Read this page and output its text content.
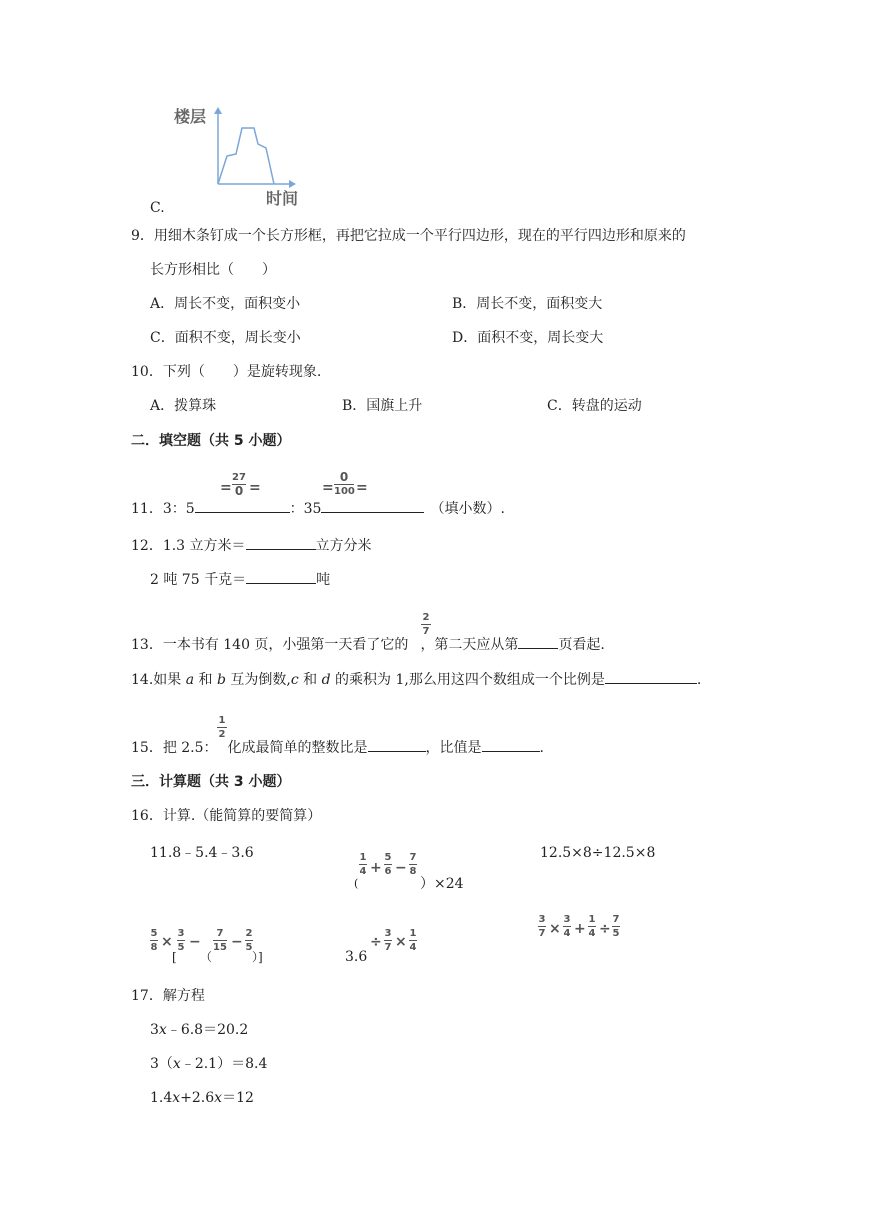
楼层
时间
C.
9．用细木条钉成一个长方形框，再把它拉成一个平行四边形，现在的平行四边形和原来的
长方形相比（　　）
A．周长不变，面积变小	B．周长不变，面积变大
C．面积不变，周长变小	D．面积不变，周长变大
10．下列（　　）是旋转现象.
A．拨算珠	B．国旗上升	C．转盘的运动
二．填空题（共 5 小题）
=
27
0 =	=
0
100 =
11．3：5	：35	（填小数）.
12．1.3 立方米＝	立方分米
2 吨 75 千克＝	吨
2
7
13．一本书有 140 页，小强第一天看了它的 ，第二天应从第	页看起.
14.如果 a 和 b 互为倒数,c 和 d 的乘积为 1,那么用这四个数组成一个比例是	.
1
2
15．把 2.5： 化成最简单的整数比是	，比值是	.
三．计算题（共 3 小题）
16．计算.（能简算的要简算）
11.8﹣5.4﹣3.6	1
4 +
5
6 −
7
8
(	）×24
12.5×8÷12.5×8
5
8 ×
3
5 −
7
15 −
2
5
[ （	）]	3.6
÷
3
7 ×
1
4
3
7 ×
3
4 +
1
4 ÷
7
5
17．解方程
3x﹣6.8＝20.2
3（x﹣2.1）＝8.4
1.4x+2.6x＝12
